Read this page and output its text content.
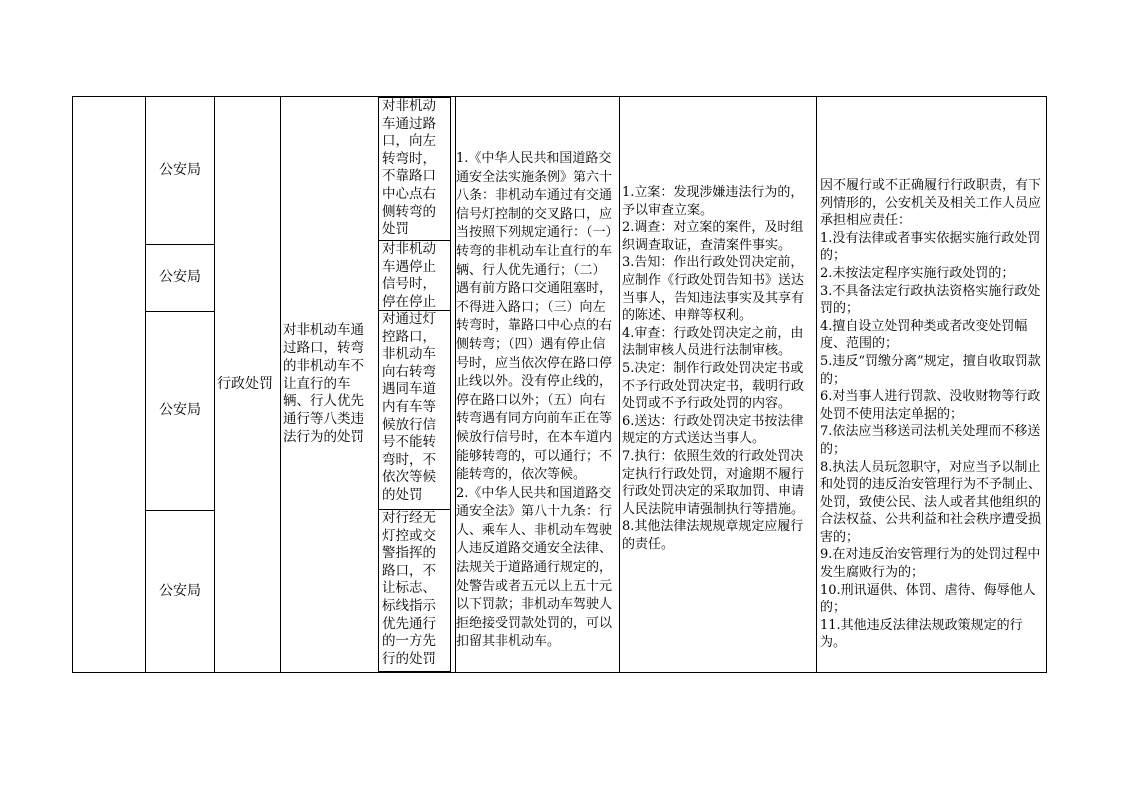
公安局
公安局
公安局
公安局
行政处罚
对非机动车通过路口，转弯的非机动车不让直行的车辆、行人优先通行等八类违法行为的处罚
对非机动车通过路口，向左转弯时，不靠路口中心点右侧转弯的处罚
对非机动车遇停止信号时，停在停止
对通过灯控路口，非机动车向右转弯遇同车道内有车等候放行信号不能转弯时，不依次等候的处罚
对行经无灯控或交警指挥的路口，不让标志、标线指示优先通行的一方先行的处罚
1.《中华人民共和国道路交通安全法实施条例》第六十八条：非机动车通过有交通信号灯控制的交叉路口，应当按照下列规定通行：（一）转弯的非机动车让直行的车辆、行人优先通行；（二）遇有前方路口交通阻塞时，不得进入路口；（三）向左转弯时，靠路口中心点的右侧转弯；（四）遇有停止信号时，应当依次停在路口停止线以外。没有停止线的，停在路口以外；（五）向右转弯遇有同方向前车正在等候放行信号时，在本车道内能够转弯的，可以通行；不能转弯的，依次等候。
2.《中华人民共和国道路交通安全法》第八十九条：行人、乘车人、非机动车驾驶人违反道路交通安全法律、法规关于道路通行规定的，处警告或者五元以上五十元以下罚款；非机动车驾驶人拒绝接受罚款处罚的，可以扣留其非机动车。
1.立案：发现涉嫌违法行为的，予以审查立案。
2.调查：对立案的案件，及时组织调查取证，查清案件事实。
3.告知：作出行政处罚决定前，应制作《行政处罚告知书》送达当事人，告知违法事实及其享有的陈述、申辩等权利。
4.审查：行政处罚决定之前，由法制审核人员进行法制审核。
5.决定：制作行政处罚决定书或不予行政处罚决定书，载明行政处罚或不予行政处罚的内容。
6.送达：行政处罚决定书按法律规定的方式送达当事人。
7.执行：依照生效的行政处罚决定执行行政处罚，对逾期不履行行政处罚决定的采取加罚、申请人民法院申请强制执行等措施。
8.其他法律法规规章规定应履行的责任。
因不履行或不正确履行行政职责，有下列情形的，公安机关及相关工作人员应承担相应责任：
1.没有法律或者事实依据实施行政处罚的；
2.未按法定程序实施行政处罚的；
3.不具备法定行政执法资格实施行政处罚的；
4.擅自设立处罚种类或者改变处罚幅度、范围的；
5.违反“罚缴分离”规定，擅自收取罚款的；
6.对当事人进行罚款、没收财物等行政处罚不使用法定单据的；
7.依法应当移送司法机关处理而不移送的；
8.执法人员玩忽职守，对应当予以制止和处罚的违反治安管理行为不予制止、处罚，致使公民、法人或者其他组织的合法权益、公共利益和社会秩序遭受损害的；
9.在对违反治安管理行为的处罚过程中发生腐败行为的；
10.刑讯逼供、体罚、虐待、侮辱他人的；
11.其他违反法律法规政策规定的行为。
